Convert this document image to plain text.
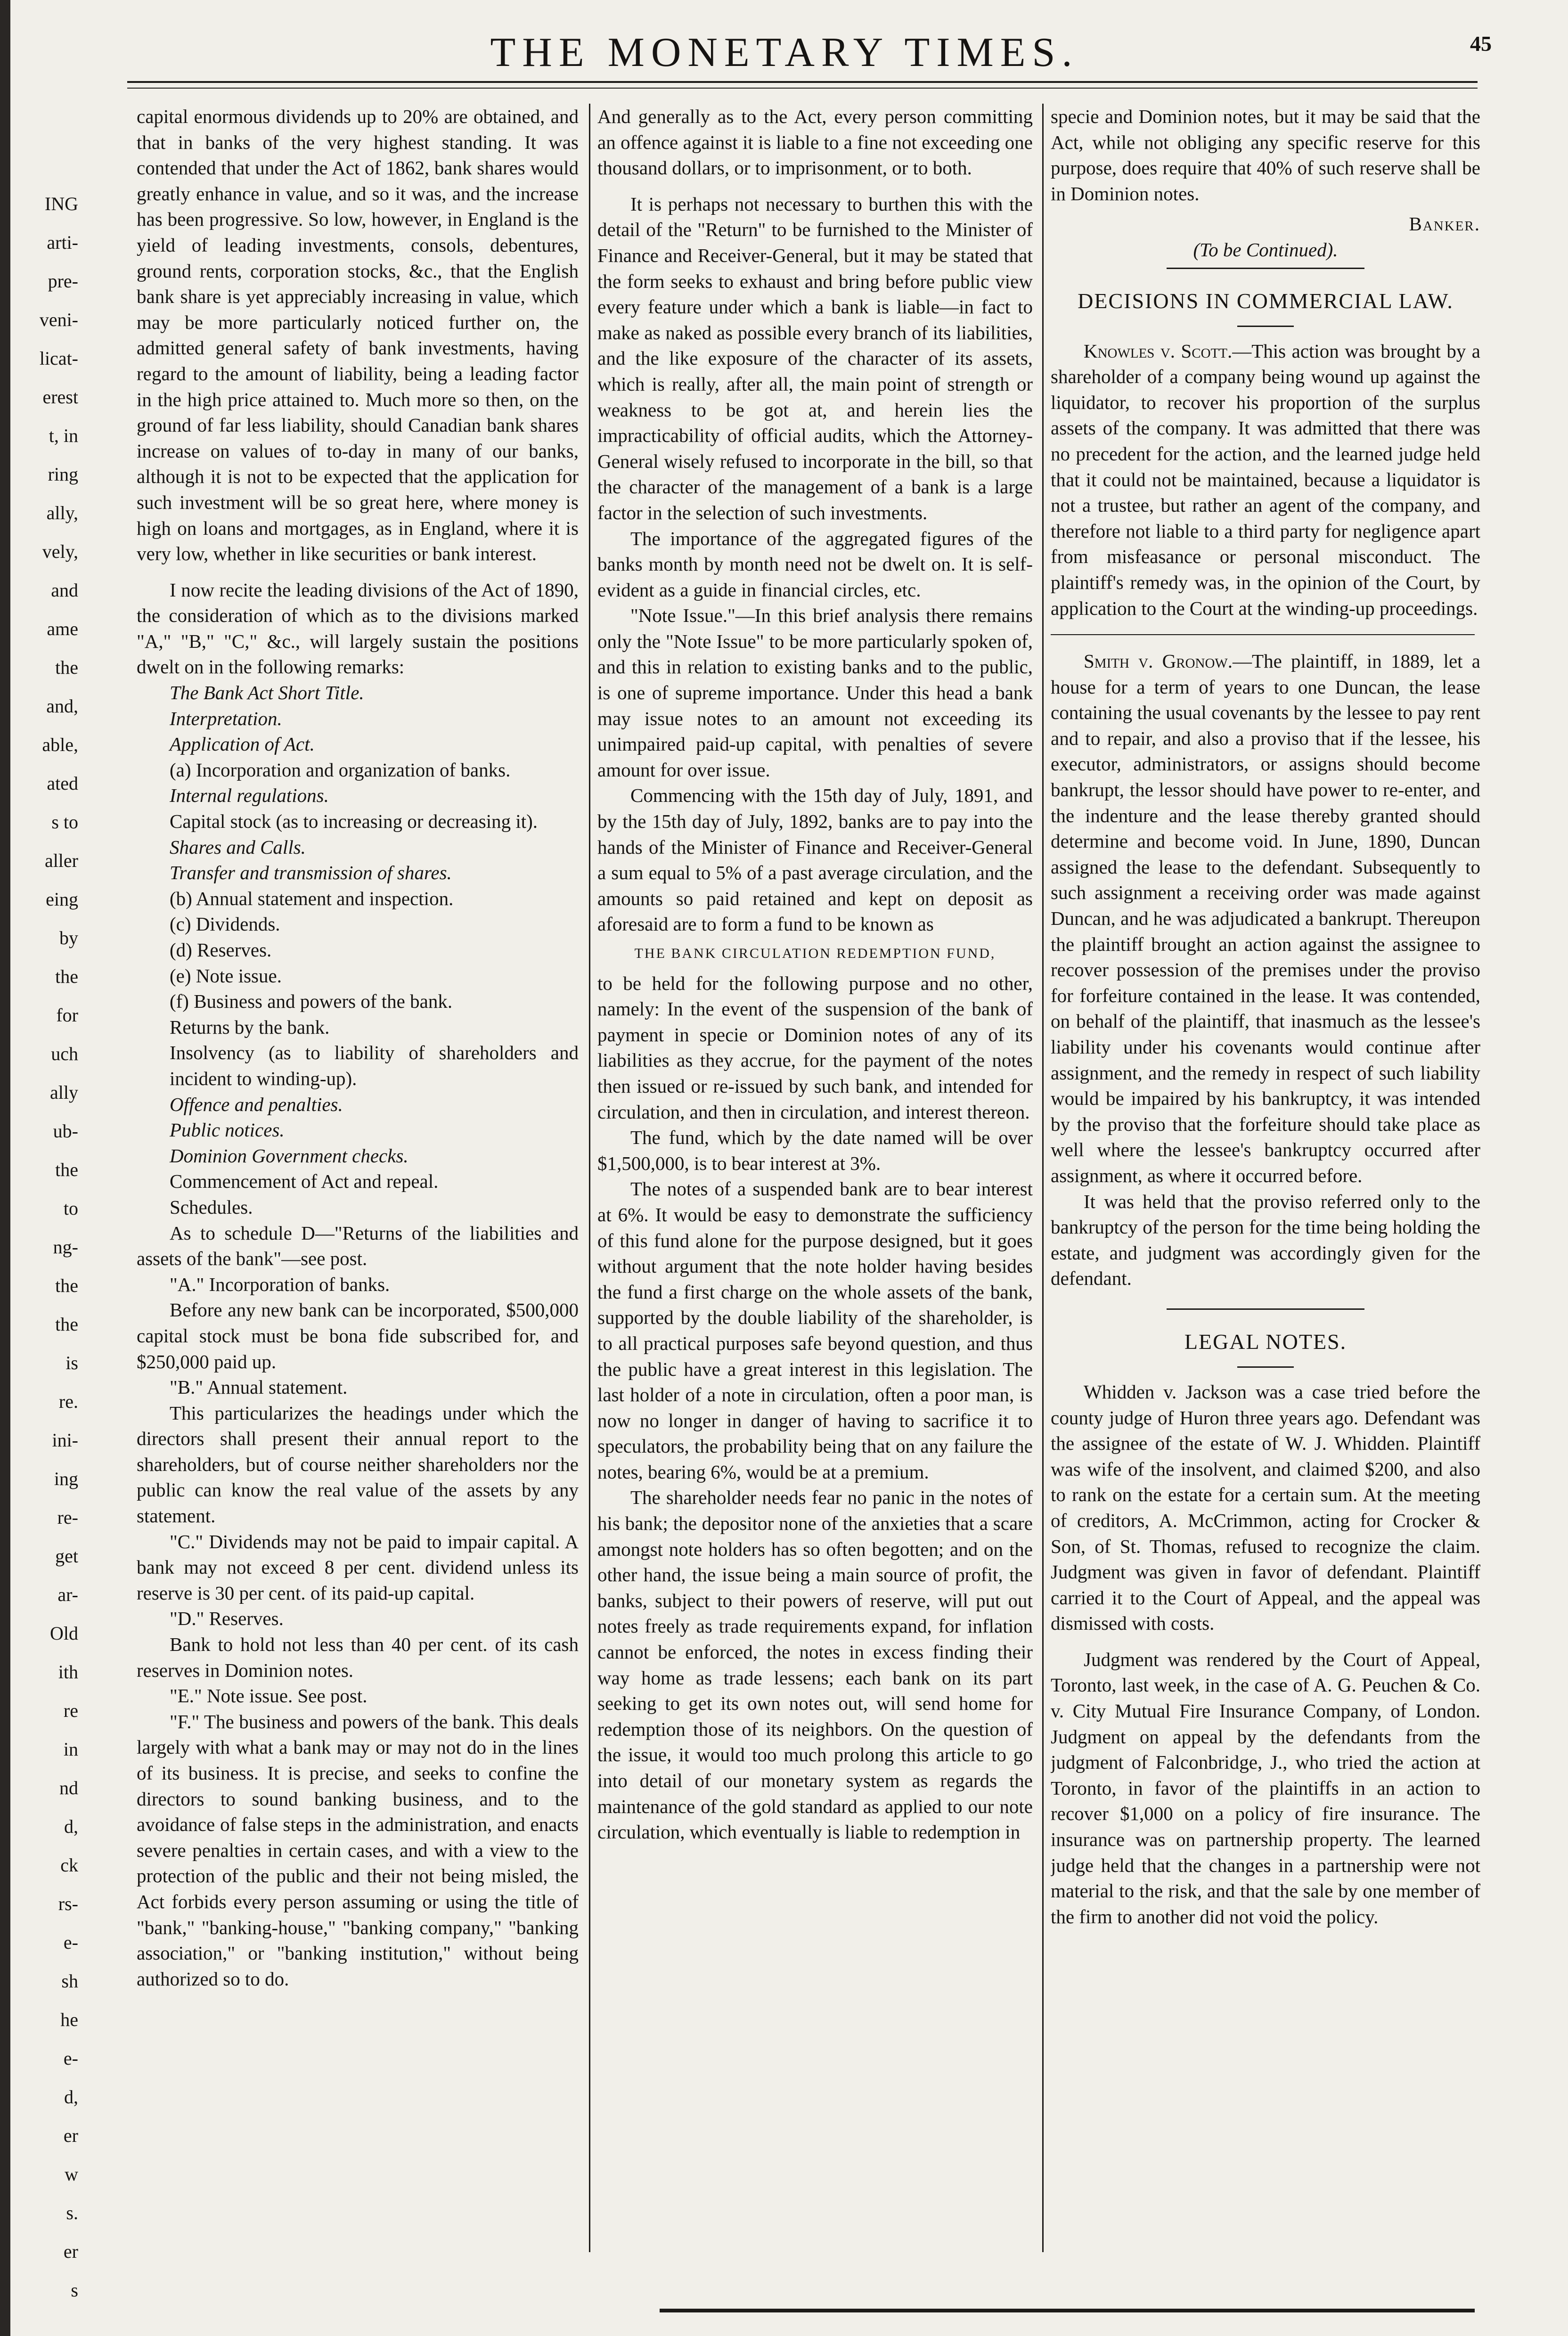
ING
arti-
pre-
veni-
licat-
erest
t, in
ring
ally,
vely,
and
ame
the
and,
able,
ated
s to
aller
eing
by
the
for
uch
ally
ub-
the
to
ng-
the
the
is
re.
ini-
ing
re-
get
ar-
Old
ith
re
in
nd
d,
ck
rs-
e-
sh
he
e-
d,
er
w
s.
er
s
THE MONETARY TIMES.	45

capital enormous dividends up to 20% are obtained, and that in banks of the very highest standing. It was contended that under the Act of 1862, bank shares would greatly enhance in value, and so it was, and the increase has been progressive. So low, however, in England is the yield of leading investments, consols, debentures, ground rents, corporation stocks, &c., that the English bank share is yet appreciably increasing in value, which may be more particularly noticed further on, the admitted general safety of bank investments, having regard to the amount of liability, being a leading factor in the high price attained to. Much more so then, on the ground of far less liability, should Canadian bank shares increase on values of to-day in many of our banks, although it is not to be expected that the application for such investment will be so great here, where money is high on loans and mortgages, as in England, where it is very low, whether in like securities or bank interest.

I now recite the leading divisions of the Act of 1890, the consideration of which as to the divisions marked "A," "B," "C," &c., will largely sustain the positions dwelt on in the following remarks:

The Bank Act Short Title.

Interpretation.

Application of Act.

(a) Incorporation and organization of banks.

Internal regulations.

Capital stock (as to increasing or decreasing it).

Shares and Calls.

Transfer and transmission of shares.

(b) Annual statement and inspection.

(c) Dividends.

(d) Reserves.

(e) Note issue.

(f) Business and powers of the bank.

Returns by the bank.

Insolvency (as to liability of shareholders and incident to winding-up).

Offence and penalties.

Public notices.

Dominion Government checks.

Commencement of Act and repeal.

Schedules.

As to schedule D—"Returns of the liabilities and assets of the bank"—see post.

"A." Incorporation of banks.

Before any new bank can be incorporated, $500,000 capital stock must be bona fide subscribed for, and $250,000 paid up.

"B." Annual statement.

This particularizes the headings under which the directors shall present their annual report to the shareholders, but of course neither shareholders nor the public can know the real value of the assets by any statement.

"C." Dividends may not be paid to impair capital. A bank may not exceed 8 per cent. dividend unless its reserve is 30 per cent. of its paid-up capital.

"D." Reserves.

Bank to hold not less than 40 per cent. of its cash reserves in Dominion notes.

"E." Note issue. See post.

"F." The business and powers of the bank. This deals largely with what a bank may or may not do in the lines of its business. It is precise, and seeks to confine the directors to sound banking business, and to the avoidance of false steps in the administration, and enacts severe penalties in certain cases, and with a view to the protection of the public and their not being misled, the Act forbids every person assuming or using the title of "bank," "banking-house," "banking company," "banking association," or "banking institution," without being authorized so to do.

And generally as to the Act, every person committing an offence against it is liable to a fine not exceeding one thousand dollars, or to imprisonment, or to both.

It is perhaps not necessary to burthen this with the detail of the "Return" to be furnished to the Minister of Finance and Receiver-General, but it may be stated that the form seeks to exhaust and bring before public view every feature under which a bank is liable—in fact to make as naked as possible every branch of its liabilities, and the like exposure of the character of its assets, which is really, after all, the main point of strength or weakness to be got at, and herein lies the impracticability of official audits, which the Attorney-General wisely refused to incorporate in the bill, so that the character of the management of a bank is a large factor in the selection of such investments.

The importance of the aggregated figures of the banks month by month need not be dwelt on. It is self-evident as a guide in financial circles, etc.

"Note Issue."—In this brief analysis there remains only the "Note Issue" to be more particularly spoken of, and this in relation to existing banks and to the public, is one of supreme importance. Under this head a bank may issue notes to an amount not exceeding its unimpaired paid-up capital, with penalties of severe amount for over issue.

Commencing with the 15th day of July, 1891, and by the 15th day of July, 1892, banks are to pay into the hands of the Minister of Finance and Receiver-General a sum equal to 5% of a past average circulation, and the amounts so paid retained and kept on deposit as aforesaid are to form a fund to be known as

THE BANK CIRCULATION REDEMPTION FUND,

to be held for the following purpose and no other, namely: In the event of the suspension of the bank of payment in specie or Dominion notes of any of its liabilities as they accrue, for the payment of the notes then issued or re-issued by such bank, and intended for circulation, and then in circulation, and interest thereon.

The fund, which by the date named will be over $1,500,000, is to bear interest at 3%.

The notes of a suspended bank are to bear interest at 6%. It would be easy to demonstrate the sufficiency of this fund alone for the purpose designed, but it goes without argument that the note holder having besides the fund a first charge on the whole assets of the bank, supported by the double liability of the shareholder, is to all practical purposes safe beyond question, and thus the public have a great interest in this legislation. The last holder of a note in circulation, often a poor man, is now no longer in danger of having to sacrifice it to speculators, the probability being that on any failure the notes, bearing 6%, would be at a premium.

The shareholder needs fear no panic in the notes of his bank; the depositor none of the anxieties that a scare amongst note holders has so often begotten; and on the other hand, the issue being a main source of profit, the banks, subject to their powers of reserve, will put out notes freely as trade requirements expand, for inflation cannot be enforced, the notes in excess finding their way home as trade lessens; each bank on its part seeking to get its own notes out, will send home for redemption those of its neighbors. On the question of the issue, it would too much prolong this article to go into detail of our monetary system as regards the maintenance of the gold standard as applied to our note circulation, which eventually is liable to redemption in

specie and Dominion notes, but it may be said that the Act, while not obliging any specific reserve for this purpose, does require that 40% of such reserve shall be in Dominion notes.

Banker.
(To be Continued).
DECISIONS IN COMMERCIAL LAW.

Knowles v. Scott.—This action was brought by a shareholder of a company being wound up against the liquidator, to recover his proportion of the surplus assets of the company. It was admitted that there was no precedent for the action, and the learned judge held that it could not be maintained, because a liquidator is not a trustee, but rather an agent of the company, and therefore not liable to a third party for negligence apart from misfeasance or personal misconduct. The plaintiff's remedy was, in the opinion of the Court, by application to the Court at the winding-up proceedings.

Smith v. Gronow.—The plaintiff, in 1889, let a house for a term of years to one Duncan, the lease containing the usual covenants by the lessee to pay rent and to repair, and also a proviso that if the lessee, his executor, administrators, or assigns should become bankrupt, the lessor should have power to re-enter, and the indenture and the lease thereby granted should determine and become void. In June, 1890, Duncan assigned the lease to the defendant. Subsequently to such assignment a receiving order was made against Duncan, and he was adjudicated a bankrupt. Thereupon the plaintiff brought an action against the assignee to recover possession of the premises under the proviso for forfeiture contained in the lease. It was contended, on behalf of the plaintiff, that inasmuch as the lessee's liability under his covenants would continue after assignment, and the remedy in respect of such liability would be impaired by his bankruptcy, it was intended by the proviso that the forfeiture should take place as well where the lessee's bankruptcy occurred after assignment, as where it occurred before.

It was held that the proviso referred only to the bankruptcy of the person for the time being holding the estate, and judgment was accordingly given for the defendant.

LEGAL NOTES.

Whidden v. Jackson was a case tried before the county judge of Huron three years ago. Defendant was the assignee of the estate of W. J. Whidden. Plaintiff was wife of the insolvent, and claimed $200, and also to rank on the estate for a certain sum. At the meeting of creditors, A. McCrimmon, acting for Crocker & Son, of St. Thomas, refused to recognize the claim. Judgment was given in favor of defendant. Plaintiff carried it to the Court of Appeal, and the appeal was dismissed with costs.

Judgment was rendered by the Court of Appeal, Toronto, last week, in the case of A. G. Peuchen & Co. v. City Mutual Fire Insurance Company, of London. Judgment on appeal by the defendants from the judgment of Falconbridge, J., who tried the action at Toronto, in favor of the plaintiffs in an action to recover $1,000 on a policy of fire insurance. The insurance was on partnership property. The learned judge held that the changes in a partnership were not material to the risk, and that the sale by one member of the firm to another did not void the policy.
